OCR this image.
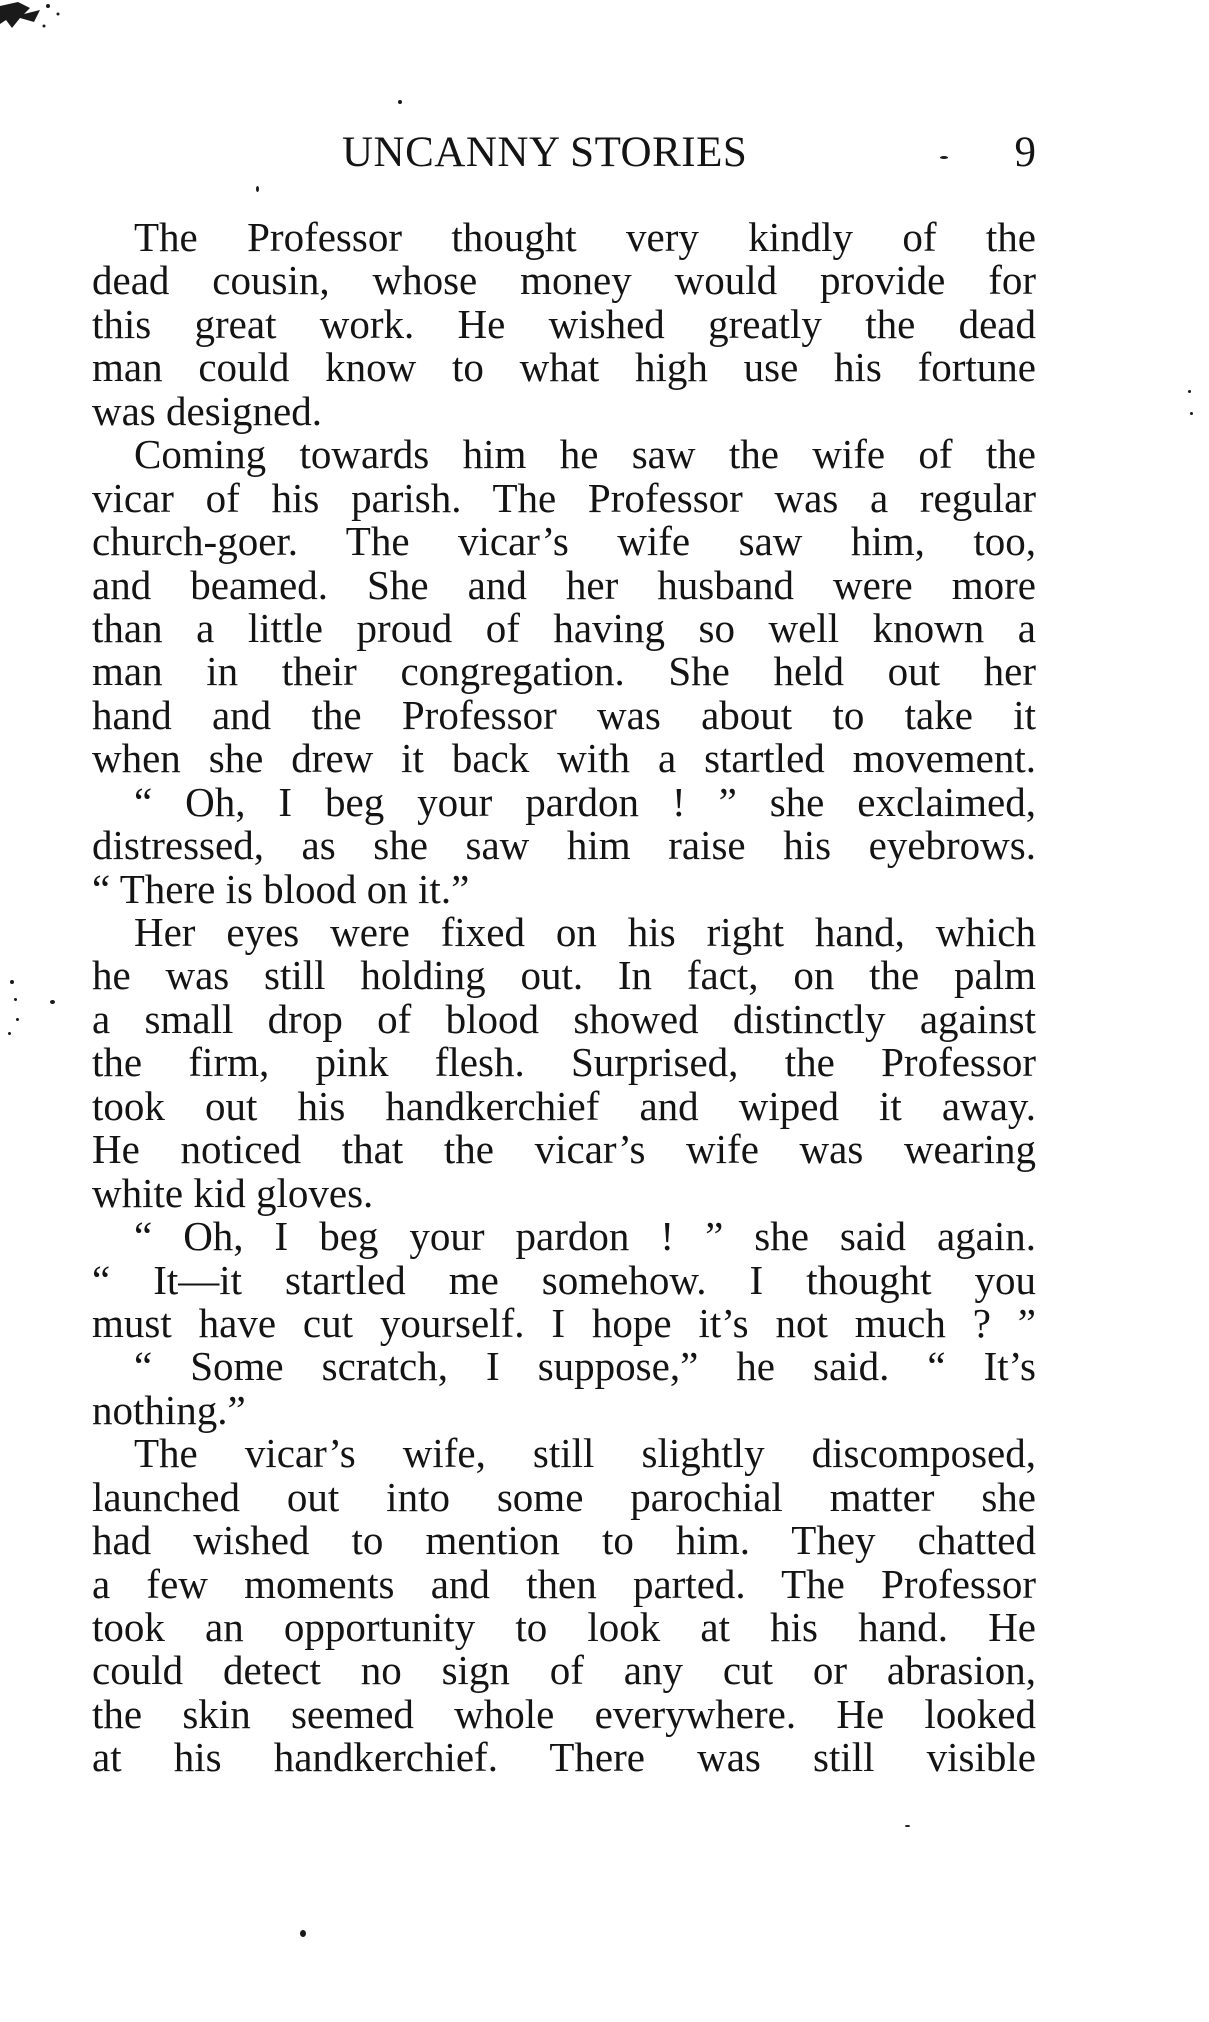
UNCANNY STORIES	9
The Professor thought very kindly of the
dead cousin, whose money would provide for
this great work. He wished greatly the dead
man could know to what high use his fortune
was designed.
Coming towards him he saw the wife of the
vicar of his parish. The Professor was a regular
church-goer. The vicar’s wife saw him, too,
and beamed. She and her husband were more
than a little proud of having so well known a
man in their congregation. She held out her
hand and the Professor was about to take it
when she drew it back with a startled movement.
“ Oh, I beg your pardon ! ” she exclaimed,
distressed, as she saw him raise his eyebrows.
“ There is blood on it.”
Her eyes were fixed on his right hand, which
he was still holding out. In fact, on the palm
a small drop of blood showed distinctly against
the firm, pink flesh. Surprised, the Professor
took out his handkerchief and wiped it away.
He noticed that the vicar’s wife was wearing
white kid gloves.
“ Oh, I beg your pardon ! ” she said again.
“ It—it startled me somehow. I thought you
must have cut yourself. I hope it’s not much ? ”
“ Some scratch, I suppose,” he said. “ It’s
nothing.”
The vicar’s wife, still slightly discomposed,
launched out into some parochial matter she
had wished to mention to him. They chatted
a few moments and then parted. The Professor
took an opportunity to look at his hand. He
could detect no sign of any cut or abrasion,
the skin seemed whole everywhere. He looked
at his handkerchief. There was still visible
